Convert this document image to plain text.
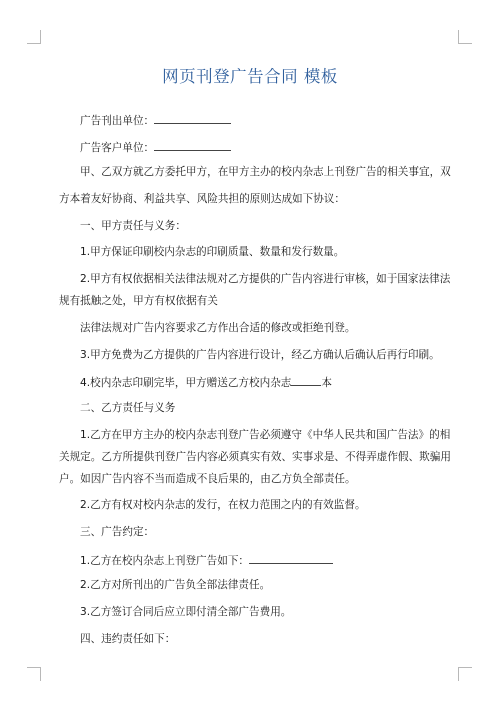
网页刊登广告合同 模板
广告刊出单位：
广告客户单位：
甲、乙双方就乙方委托甲方，在甲方主办的校内杂志上刊登广告的相关事宜，双
方本着友好协商、利益共享、风险共担的原则达成如下协议：
一、甲方责任与义务：
1.甲方保证印刷校内杂志的印刷质量、数量和发行数量。
2.甲方有权依据相关法律法规对乙方提供的广告内容进行审核，如于国家法律法
规有抵触之处，甲方有权依据有关
法律法规对广告内容要求乙方作出合适的修改或拒绝刊登。
3.甲方免费为乙方提供的广告内容进行设计，经乙方确认后确认后再行印刷。
4.校内杂志印刷完毕，甲方赠送乙方校内杂志	本
二、乙方责任与义务
1.乙方在甲方主办的校内杂志刊登广告必须遵守《中华人民共和国广告法》的相
关规定。乙方所提供刊登广告内容必须真实有效、实事求是、不得弄虚作假、欺骗用
户。如因广告内容不当而造成不良后果的，由乙方负全部责任。
2.乙方有权对校内杂志的发行，在权力范围之内的有效监督。
三、广告约定：
1.乙方在校内杂志上刊登广告如下：
2.乙方对所刊出的广告负全部法律责任。
3.乙方签订合同后应立即付清全部广告费用。
四、违约责任如下：
